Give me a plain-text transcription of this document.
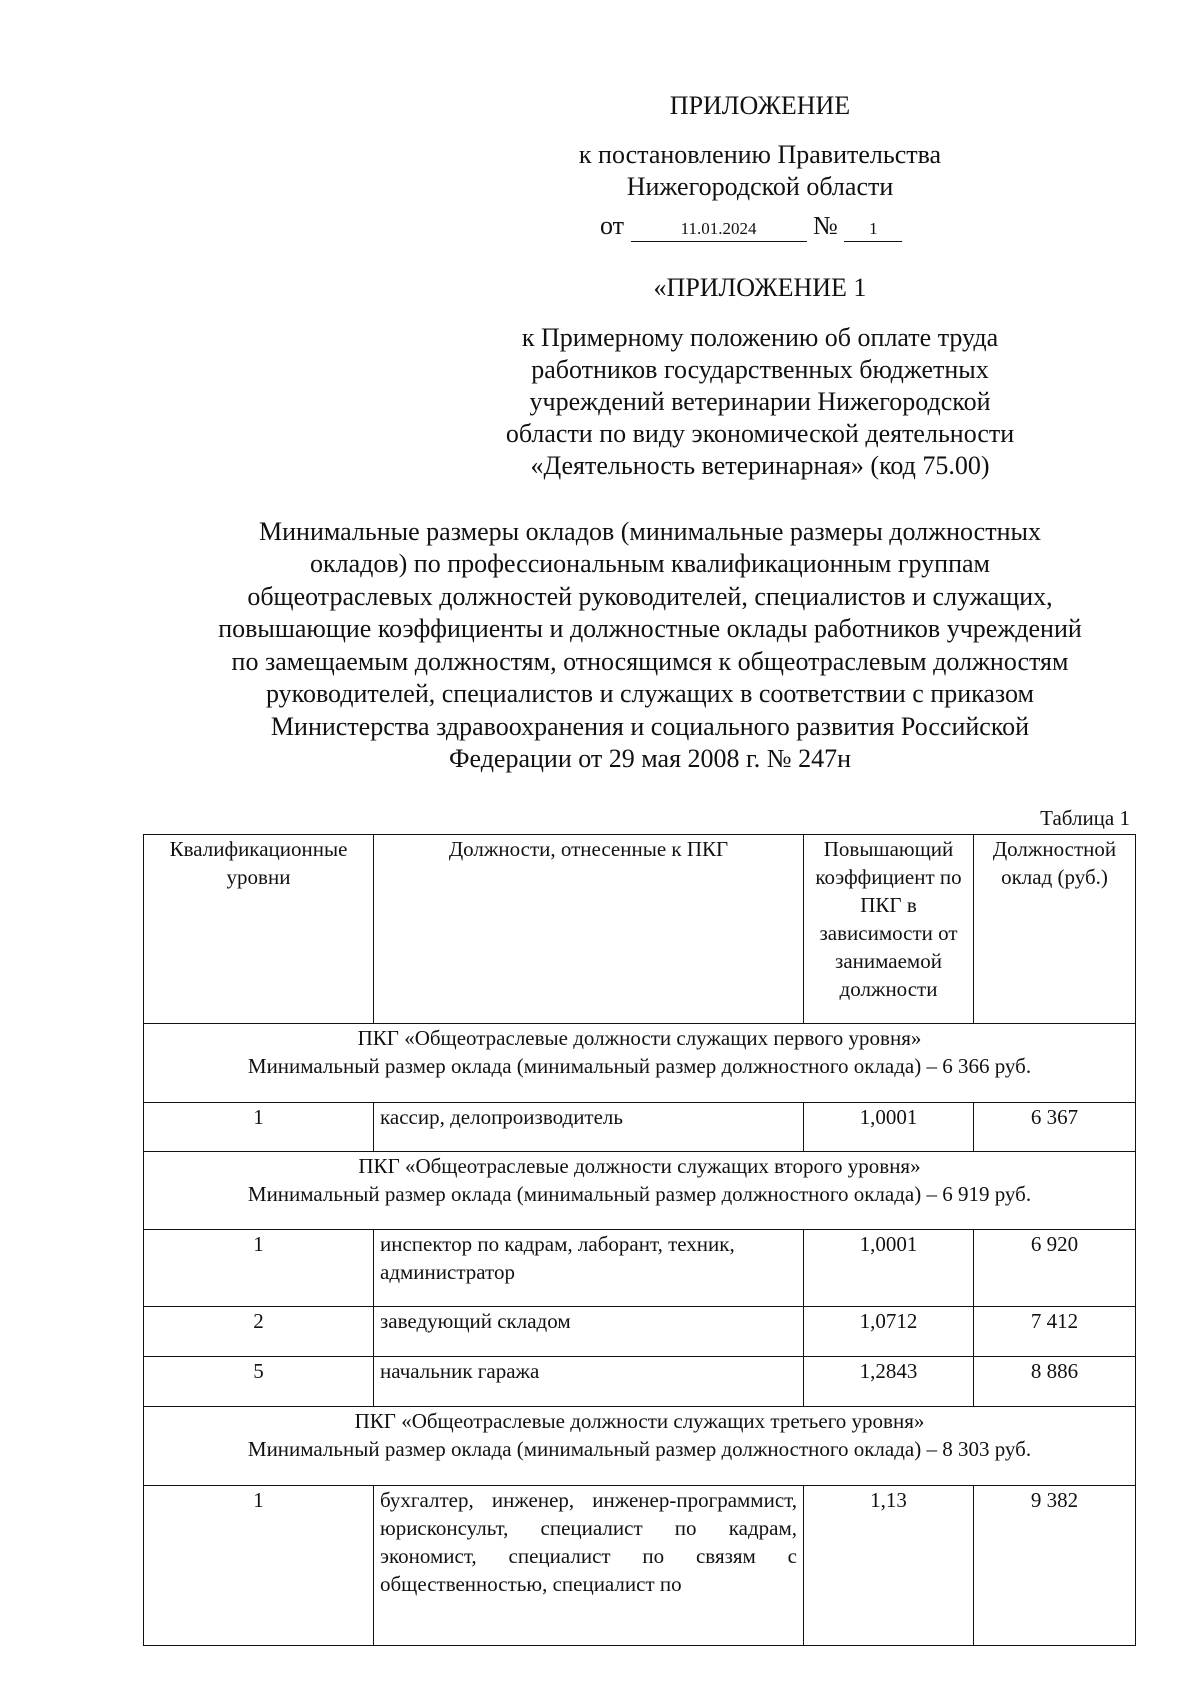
ПРИЛОЖЕНИЕ
к постановлению Правительства
Нижегородской области
от	11.01.2024 № 1
«ПРИЛОЖЕНИЕ 1
к Примерному положению об оплате труда
работников государственных бюджетных
учреждений ветеринарии Нижегородской
области по виду экономической деятельности
«Деятельность ветеринарная» (код 75.00)
Минимальные размеры окладов (минимальные размеры должностных
окладов) по профессиональным квалификационным группам
общеотраслевых должностей руководителей, специалистов и служащих,
повышающие коэффициенты и должностные оклады работников учреждений
по замещаемым должностям, относящимся к общеотраслевым должностям
руководителей, специалистов и служащих в соответствии с приказом
Министерства здравоохранения и социального развития Российской
Федерации от 29 мая 2008 г. № 247н
Таблица 1
Квалификационные уровни	Должности, отнесенные к ПКГ	Повышающий коэффициент по ПКГ в зависимости от занимаемой должности	Должностной оклад (руб.)

ПКГ «Общеотраслевые должности служащих первого уровня»
Минимальный размер оклада (минимальный размер должностного оклада) – 6 366 руб.			

1	кассир, делопроизводитель	1,0001	6 367

ПКГ «Общеотраслевые должности служащих второго уровня»
Минимальный размер оклада (минимальный размер должностного оклада) – 6 919 руб.			

1	инспектор по кадрам, лаборант, техник, администратор	1,0001	6 920
2	заведующий складом	1,0712	7 412
5	начальник гаража	1,2843	8 886

ПКГ «Общеотраслевые должности служащих третьего уровня»
Минимальный размер оклада (минимальный размер должностного оклада) – 8 303 руб.			

1	бухгалтер, инженер, инженер-программист, юрисконсульт, специалист по кадрам, экономист, специалист по связям с общественностью, специалист по	1,13	9 382
